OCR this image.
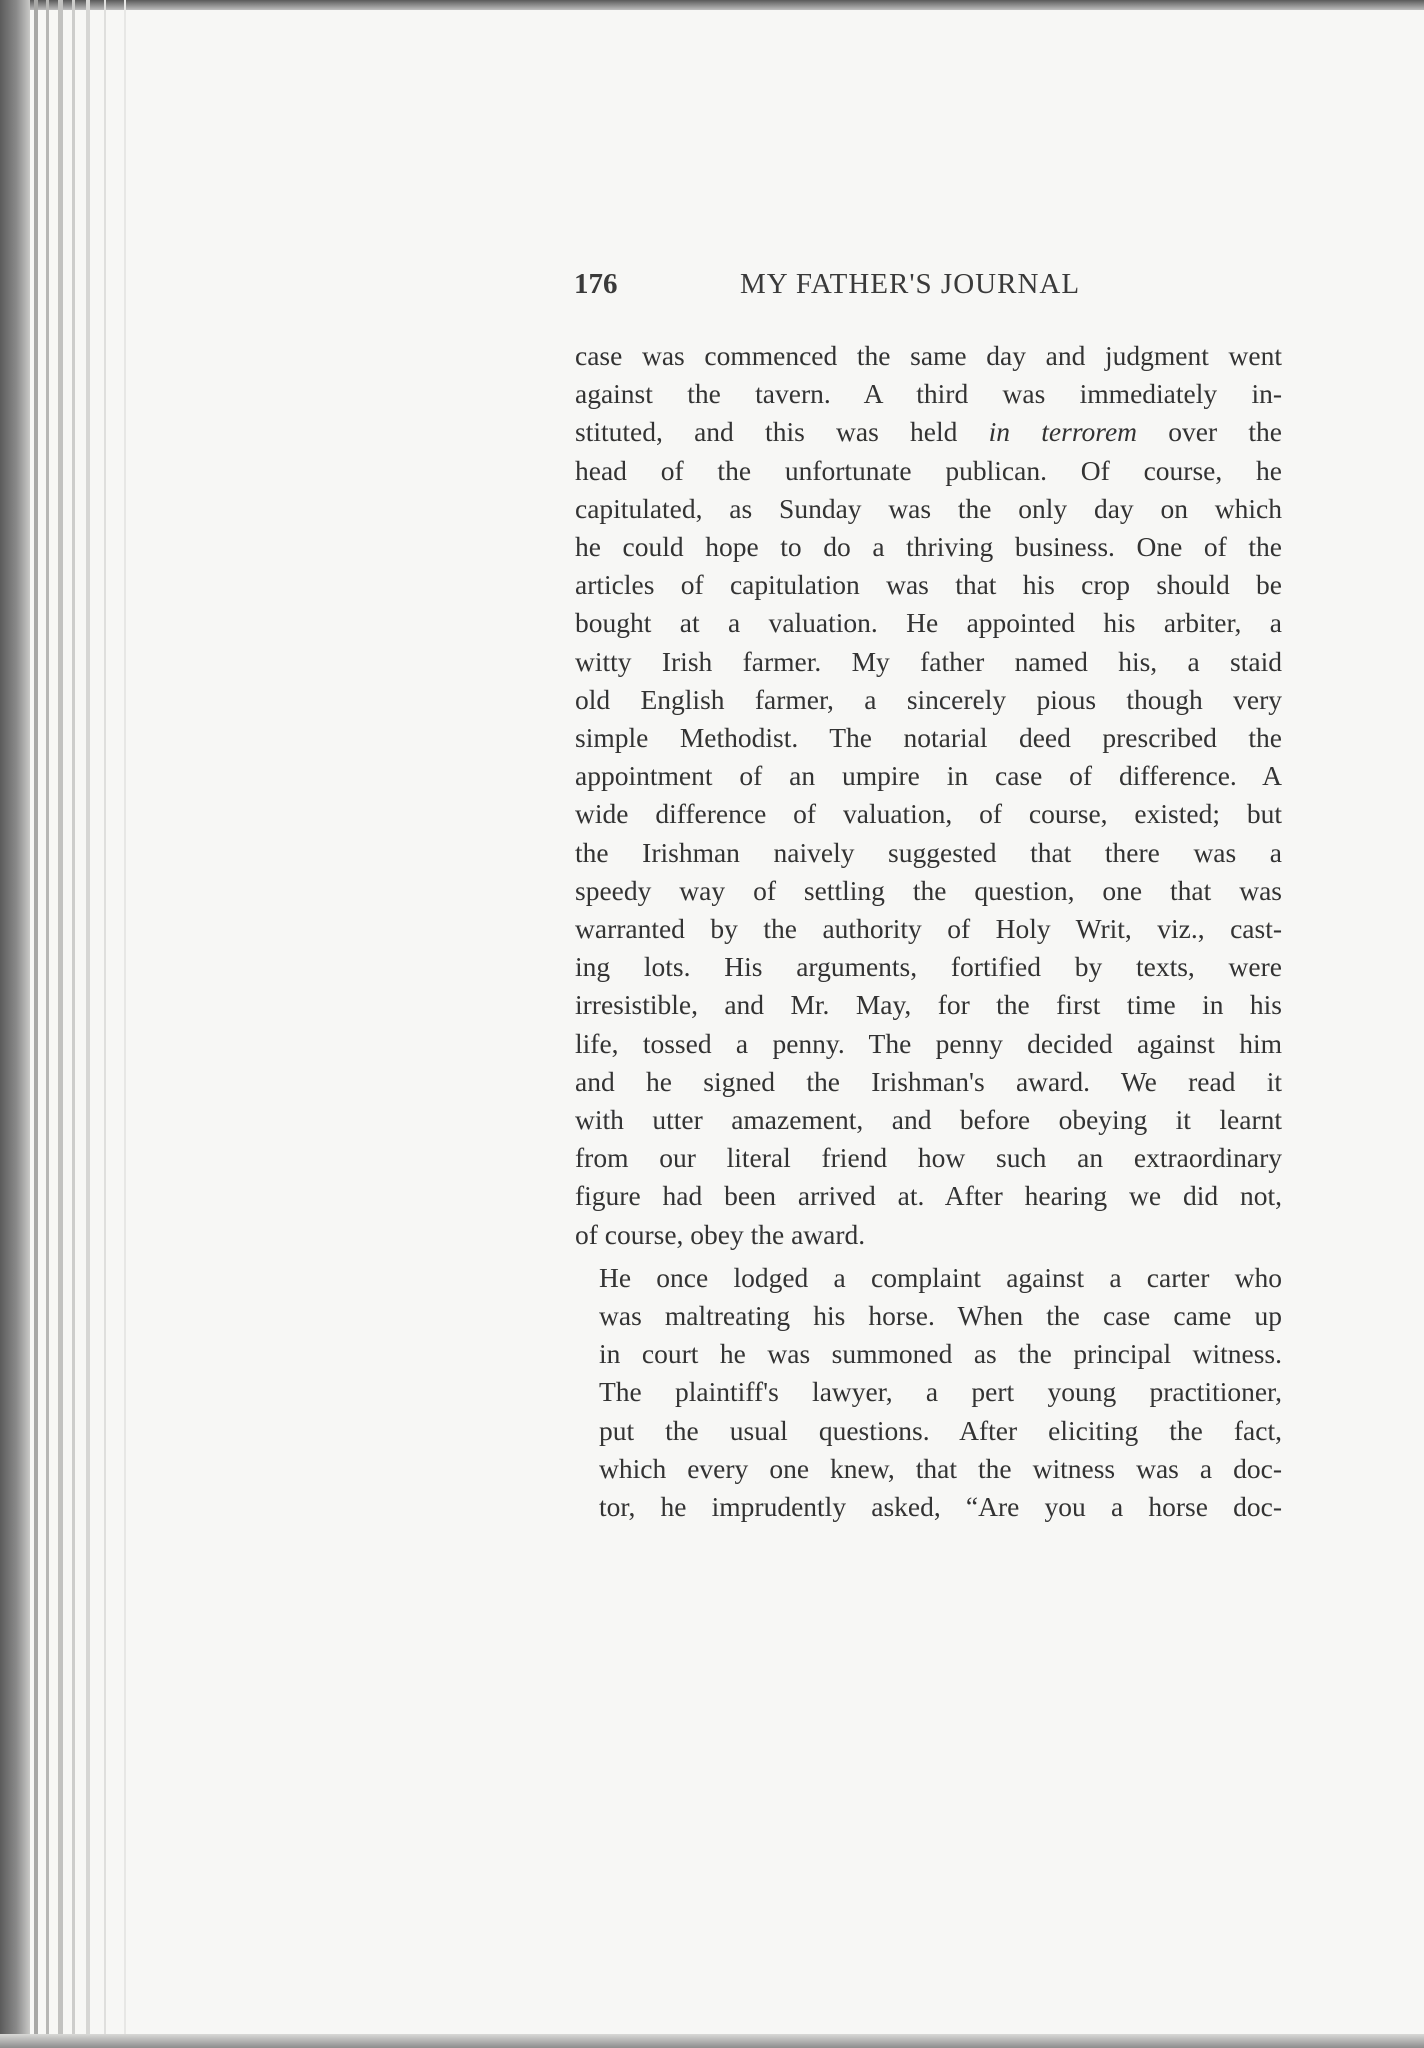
176	MY FATHER'S JOURNAL

case was commenced the same day and judgment went
against the tavern. A third was immediately in-
stituted, and this was held in terrorem over the
head of the unfortunate publican. Of course, he
capitulated, as Sunday was the only day on which
he could hope to do a thriving business. One of the
articles of capitulation was that his crop should be
bought at a valuation. He appointed his arbiter, a
witty Irish farmer. My father named his, a staid
old English farmer, a sincerely pious though very
simple Methodist. The notarial deed prescribed the
appointment of an umpire in case of difference. A
wide difference of valuation, of course, existed; but
the Irishman naively suggested that there was a
speedy way of settling the question, one that was
warranted by the authority of Holy Writ, viz., cast-
ing lots. His arguments, fortified by texts, were
irresistible, and Mr. May, for the first time in his
life, tossed a penny. The penny decided against him
and he signed the Irishman's award. We read it
with utter amazement, and before obeying it learnt
from our literal friend how such an extraordinary
figure had been arrived at. After hearing we did not,
of course, obey the award.

He once lodged a complaint against a carter who
was maltreating his horse. When the case came up
in court he was summoned as the principal witness.
The plaintiff's lawyer, a pert young practitioner,
put the usual questions. After eliciting the fact,
which every one knew, that the witness was a doc-
tor, he imprudently asked, “Are you a horse doc-
